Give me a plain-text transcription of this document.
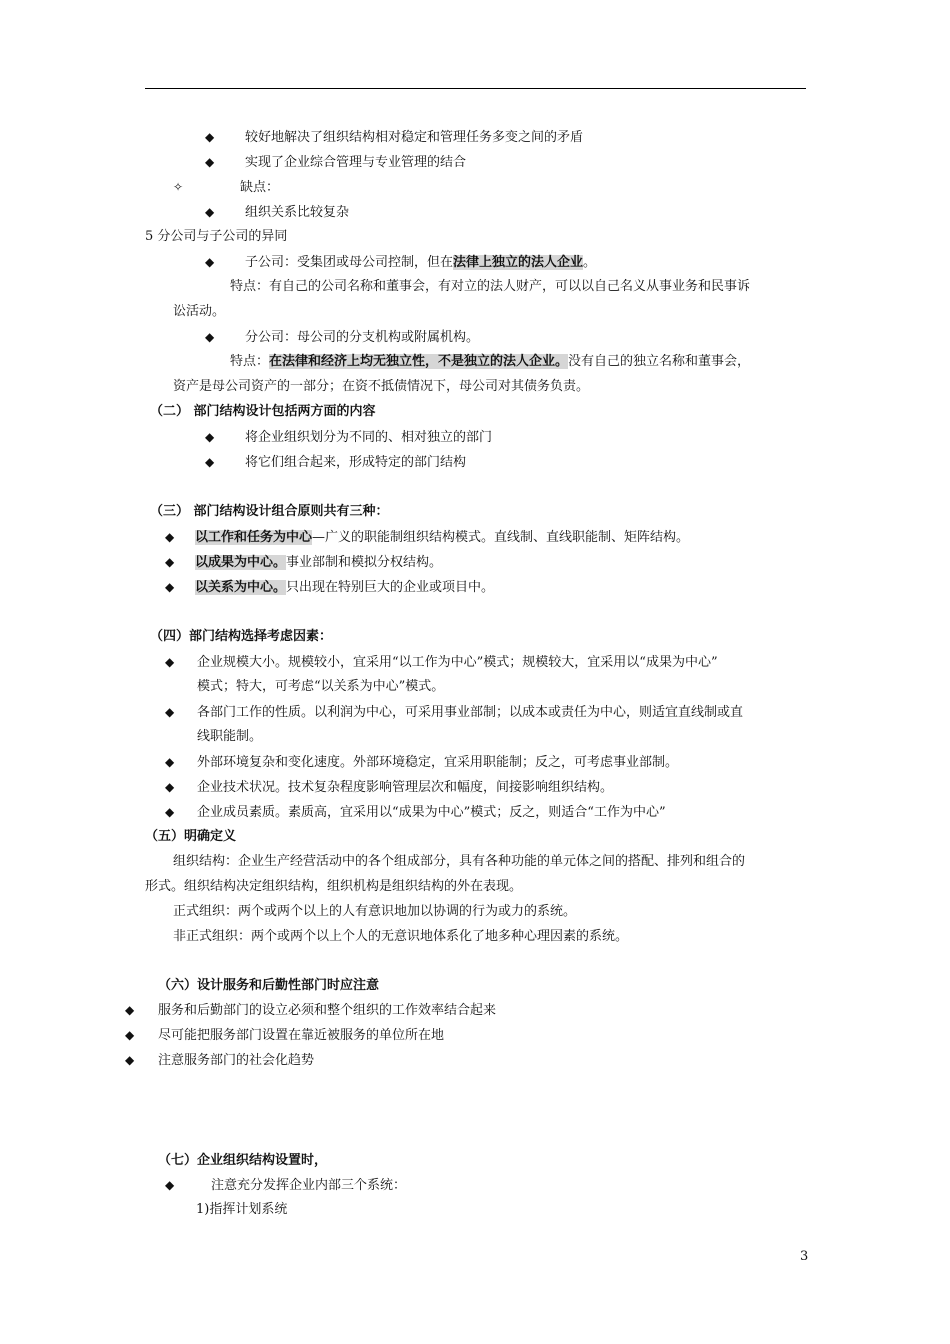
◆ 较好地解决了组织结构相对稳定和管理任务多变之间的矛盾
◆ 实现了企业综合管理与专业管理的结合
✧	缺点：
◆ 组织关系比较复杂
5 分公司与子公司的异同
◆ 子公司：受集团或母公司控制，但在法律上独立的法人企业。
特点：有自己的公司名称和董事会，有对立的法人财产，可以以自己名义从事业务和民事诉
讼活动。
◆ 分公司：母公司的分支机构或附属机构。
特点：在法律和经济上均无独立性，不是独立的法人企业。没有自己的独立名称和董事会，
资产是母公司资产的一部分；在资不抵债情况下，母公司对其债务负责。
（二） 部门结构设计包括两方面的内容
◆ 将企业组织划分为不同的、相对独立的部门
◆ 将它们组合起来，形成特定的部门结构
（三） 部门结构设计组合原则共有三种：
◆ 以工作和任务为中心—广义的职能制组织结构模式。直线制、直线职能制、矩阵结构。
◆ 以成果为中心。事业部制和模拟分权结构。
◆ 以关系为中心。只出现在特别巨大的企业或项目中。
（四）部门结构选择考虑因素：
◆ 企业规模大小。规模较小，宜采用“以工作为中心”模式；规模较大，宜采用以“成果为中心”
模式；特大，可考虑“以关系为中心”模式。
◆ 各部门工作的性质。以利润为中心，可采用事业部制；以成本或责任为中心，则适宜直线制或直
线职能制。
◆ 外部环境复杂和变化速度。外部环境稳定，宜采用职能制；反之，可考虑事业部制。
◆ 企业技术状况。技术复杂程度影响管理层次和幅度，间接影响组织结构。
◆ 企业成员素质。素质高，宜采用以“成果为中心”模式；反之，则适合“工作为中心”
（五）明确定义
组织结构：企业生产经营活动中的各个组成部分，具有各种功能的单元体之间的搭配、排列和组合的
形式。组织结构决定组织结构，组织机构是组织结构的外在表现。
正式组织：两个或两个以上的人有意识地加以协调的行为或力的系统。
非正式组织：两个或两个以上个人的无意识地体系化了地多种心理因素的系统。
（六）设计服务和后勤性部门时应注意
◆ 服务和后勤部门的设立必须和整个组织的工作效率结合起来
◆ 尽可能把服务部门设置在靠近被服务的单位所在地
◆ 注意服务部门的社会化趋势
（七）企业组织结构设置时，
◆	注意充分发挥企业内部三个系统：
1)指挥计划系统
3
